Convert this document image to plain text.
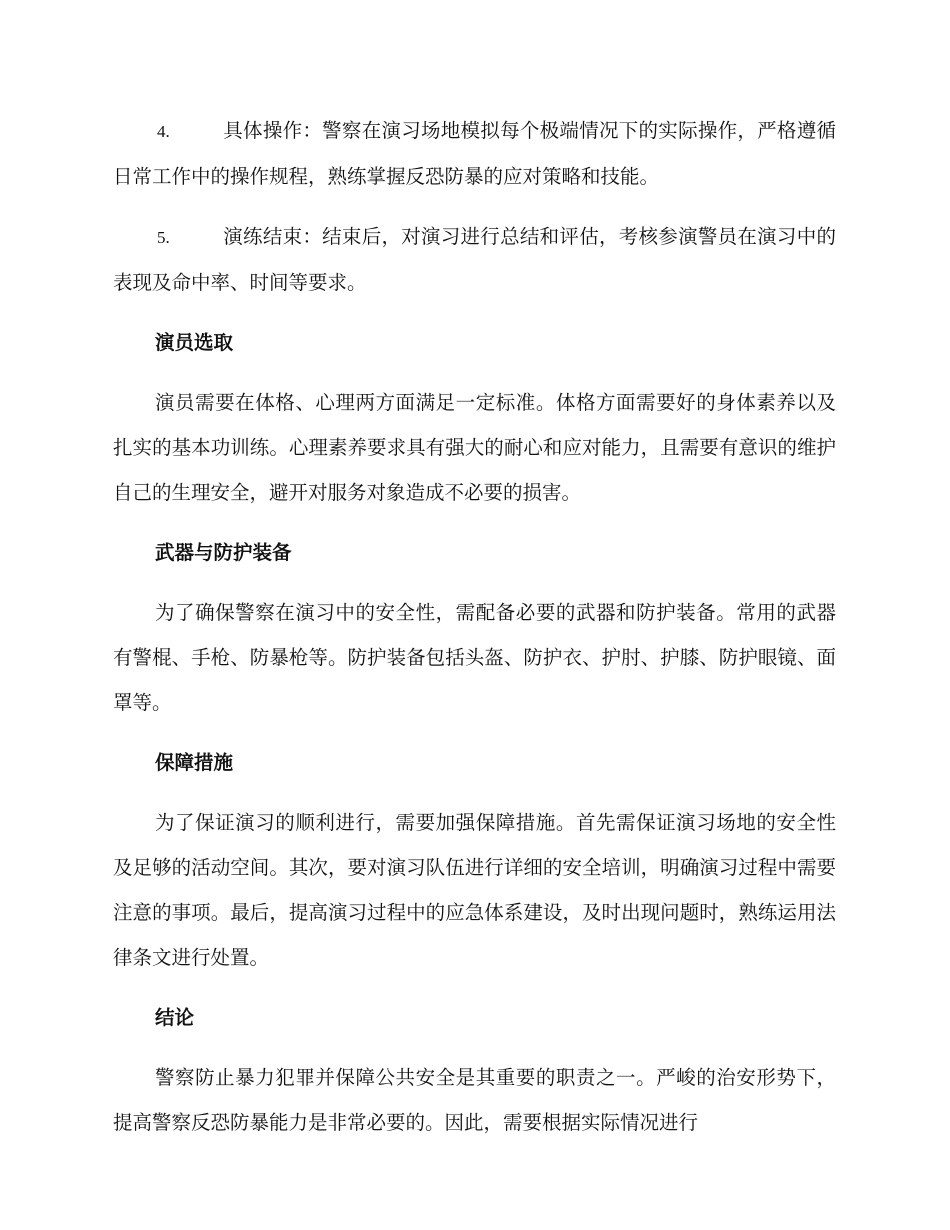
4.	具体操作：警察在演习场地模拟每个极端情况下的实际操作，严格遵循日常工作中的操作规程，熟练掌握反恐防暴的应对策略和技能。

5.	演练结束：结束后，对演习进行总结和评估，考核参演警员在演习中的表现及命中率、时间等要求。

演员选取

演员需要在体格、心理两方面满足一定标准。体格方面需要好的身体素养以及扎实的基本功训练。心理素养要求具有强大的耐心和应对能力，且需要有意识的维护自己的生理安全，避开对服务对象造成不必要的损害。

武器与防护装备

为了确保警察在演习中的安全性，需配备必要的武器和防护装备。常用的武器有警棍、手枪、防暴枪等。防护装备包括头盔、防护衣、护肘、护膝、防护眼镜、面罩等。

保障措施

为了保证演习的顺利进行，需要加强保障措施。首先需保证演习场地的安全性及足够的活动空间。其次，要对演习队伍进行详细的安全培训，明确演习过程中需要注意的事项。最后，提高演习过程中的应急体系建设，及时出现问题时，熟练运用法律条文进行处置。

结论

警察防止暴力犯罪并保障公共安全是其重要的职责之一。严峻的治安形势下，提高警察反恐防暴能力是非常必要的。因此，需要根据实际情况进行
